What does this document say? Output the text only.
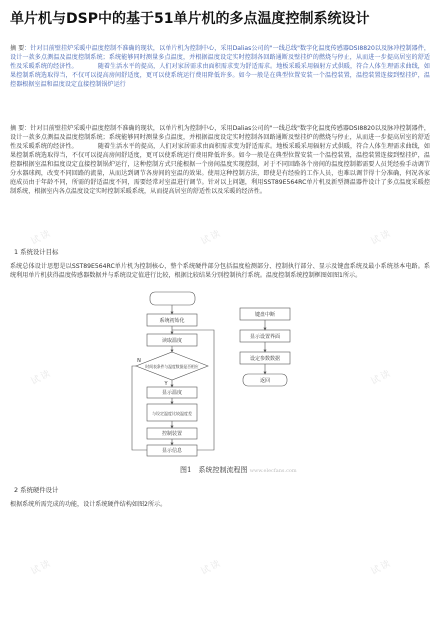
单片机与DSP中的基于51单片机的多点温度控制系统设计
摘 要：针对目前壁挂炉采暖中温度控制不准确的现状，以单片机为控制中心，采用Dalias公司的"一线总线"数字化温度传感器DSI8820以及脉冲控制器件，设计一款多点测温及温度控制系统；系统能够同时测量多点温度，并根据温度设定实时控制各回路通断及壁挂炉的燃烧与停止，从而进一步提高居室的舒适性及采暖系统的经济性。	随着生活水平的提高，人们对家居需求由面积需求变为舒适需求。地板采暖采用辐射方式供暖，符合人体生理需求曲线，如果控制系统选取得当，不仅可以提高房间舒适度，更可以使系统运行费用降低许多。如今一般是在典型位置安装一个温控装置，温控装置连接到壁挂炉，温控器根据室温和温度设定直接控制锅炉运行
摘 要：针对目前壁挂炉采暖中温度控制不准确的现状，以单片机为控制中心，采用Dalias公司的"一线总线"数字化温度传感器DSI8820以及脉冲控制器件，设计一款多点测温及温度控制系统；系统能够同时测量多点温度，并根据温度设定实时控制各回路通断及壁挂炉的燃烧与停止，从而进一步提高居室的舒适性及采暖系统的经济性。	随着生活水平的提高，人们对家居需求由面积需求变为舒适需求。地板采暖采用辐射方式供暖，符合人体生理需求曲线，如果控制系统选取得当，不仅可以提高房间舒适度，更可以使系统运行费用降低许多。如今一般是在典型位置安装一个温控装置，温控装置连接到壁挂炉，温控器根据室温和温度设定直接控制锅炉运行，这种控制方式只能根据一个房间温度实现控制，对于不同回路各个房间的温度控制都需要人员凭经验手动调节分水器球阀，改变不同回路的流量，从而达到调节各房间的室温的效果。使用这种控制方法，即使是有经验的工作人员，也难以调节得十分准确，何况各家庭成员由于年龄不同，所需的舒适温度不同，需要经常对室温进行调节。针对以上问题，利用SST89E564RC单片机及新型测温器件设计了多点温度采暖控制系统，根据室内各点温度设定实时控制采暖系统，从而提高居室的舒适性以及采暖的经济性。
1 系统设计目标
系统总体设计思想是以SST89E564RC单片机为控制核心，整个系统硬件部分包括温度检测部分、控制执行部分、显示及键盘系统及最小系统基本电路。系统利用单片机获得温度传感器数据并与系统设定值进行比较，根据比较结果分别控制执行系统。温度控制系统控制框图如图1所示。
系统初始化
读取温度
时间表条件与温度数据是否相应
Y
N
显示温度
与设定温度比较温度差
控制装置
显示信息
键盘中断
显示设置界面
设定参数数据
返回
图1　系统控制流程图 www.elecfans.com
2 系统硬件设计
根据系统所需完成的功能，设计系统硬件结构如图2所示。
试读	试读	试读
试读	试读
试读	试读	试读
